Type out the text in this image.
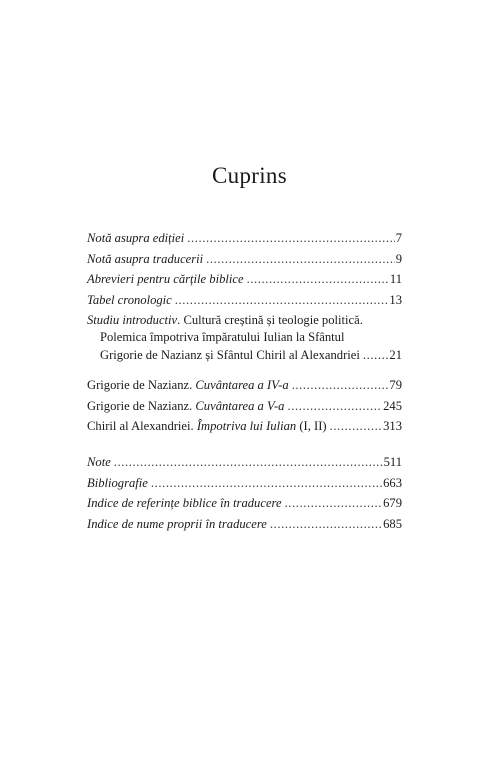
Cuprins
Notă asupra ediției .....	7
Notă asupra traducerii .....	9
Abrevieri pentru cărțile biblice .....	11
Tabel cronologic .....	13
Studiu introductiv. Cultură creștină și teologie politică.
Polemica împotriva împăratului Iulian la Sfântul
Grigorie de Nazianz și Sfântul Chiril al Alexandriei ..... 21
Grigorie de Nazianz. Cuvântarea a IV-a .....	79
Grigorie de Nazianz. Cuvântarea a V-a .....	245
Chiril al Alexandriei. Împotriva lui Iulian (I, II) .....	313
Note .....	511
Bibliografie .....	663
Indice de referințe biblice în traducere .....	679
Indice de nume proprii în traducere .....	685
